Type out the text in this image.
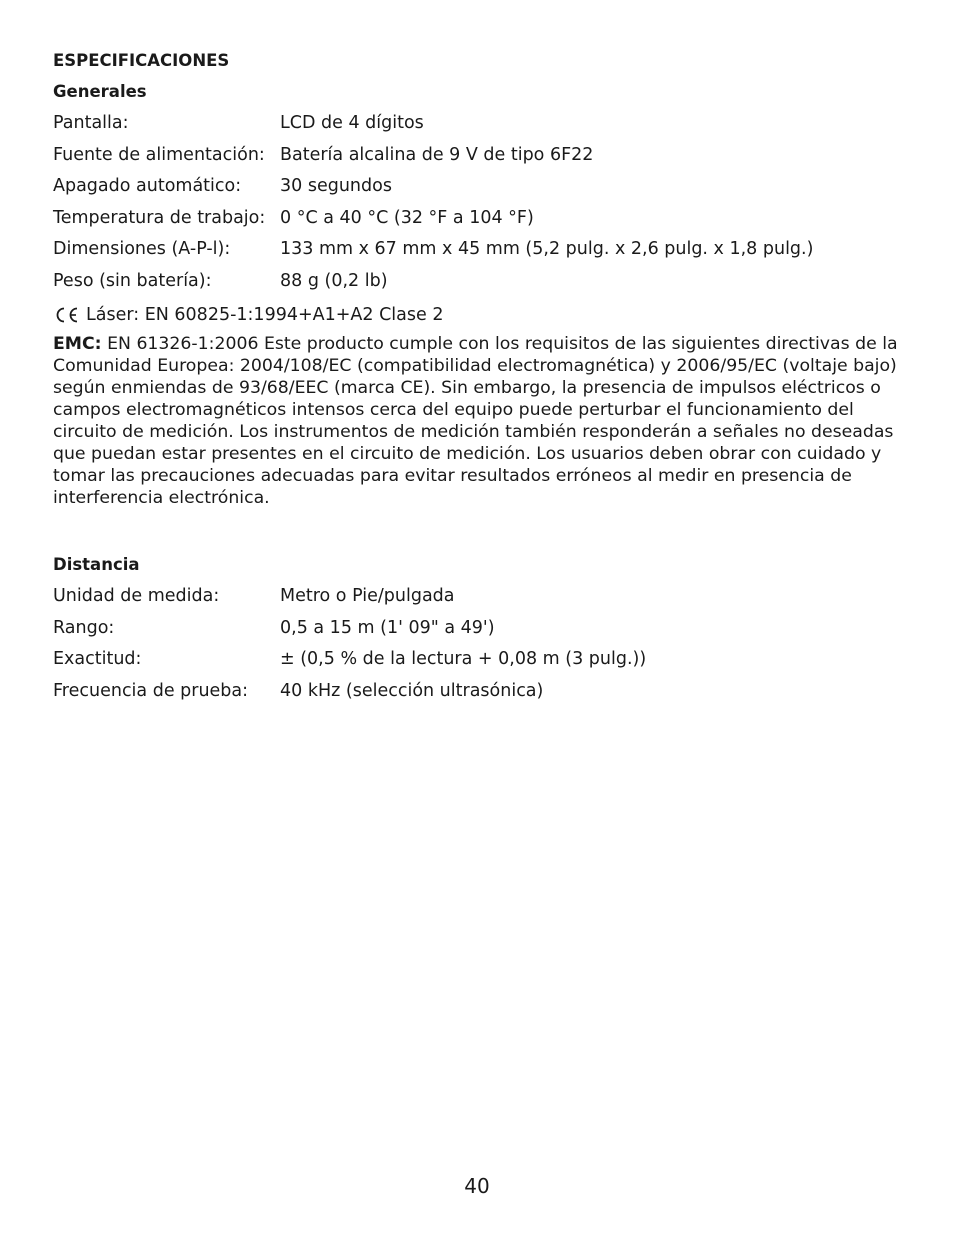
ESPECIFICACIONES
Generales
Pantalla:	LCD de 4 dígitos
Fuente de alimentación: Batería alcalina de 9 V de tipo 6F22
Apagado automático:	30 segundos
Temperatura de trabajo: 0 °C a 40 °C (32 °F a 104 °F)
Dimensiones (A-P-l):	133 mm x 67 mm x 45 mm (5,2 pulg. x 2,6 pulg. x 1,8 pulg.)
Peso (sin batería):	88 g (0,2 lb)
Láser: EN 60825-1:1994+A1+A2 Clase 2
EMC: EN 61326-1:2006 Este producto cumple con los requisitos de las siguientes directivas de la Comunidad Europea: 2004/108/EC (compatibilidad electromagnética) y 2006/95/EC (voltaje bajo) según enmiendas de 93/68/EEC (marca CE). Sin embargo, la presencia de impulsos eléctricos o campos electromagnéticos intensos cerca del equipo puede perturbar el funcionamiento del circuito de medición. Los instrumentos de medición también responderán a señales no deseadas que puedan estar presentes en el circuito de medición. Los usuarios deben obrar con cuidado y tomar las precauciones adecuadas para evitar resultados erróneos al medir en presencia de interferencia electrónica.
Distancia
Unidad de medida:	Metro o Pie/pulgada
Rango:	0,5 a 15 m (1' 09" a 49')
Exactitud:	± (0,5 % de la lectura + 0,08 m (3 pulg.))
Frecuencia de prueba:	40 kHz (selección ultrasónica)
40
